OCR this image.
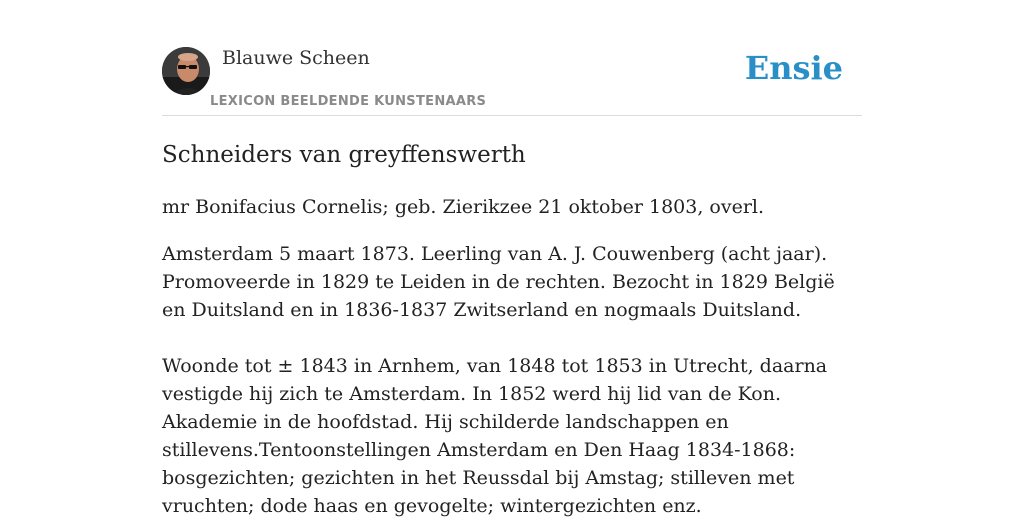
Blauwe Scheen
LEXICON BEELDENDE KUNSTENAARS
Ensie
Schneiders van greyffenswerth

mr Bonifacius Cornelis; geb. Zierikzee 21 oktober 1803, overl.

Amsterdam 5 maart 1873. Leerling van A. J. Couwenberg (acht jaar). Promoveerde in 1829 te Leiden in de rechten. Bezocht in 1829 België en Duitsland en in 1836-1837 Zwitserland en nogmaals Duitsland.

Woonde tot ± 1843 in Arnhem, van 1848 tot 1853 in Utrecht, daarna vestigde hij zich te Amsterdam. In 1852 werd hij lid van de Kon. Akademie in de hoofdstad. Hij schilderde landschappen en stillevens.Tentoonstellingen Amsterdam en Den Haag 1834-1868: bosgezichten; gezichten in het Reussdal bij Amstag; stilleven met vruchten; dode haas en gevogelte; wintergezichten enz.
